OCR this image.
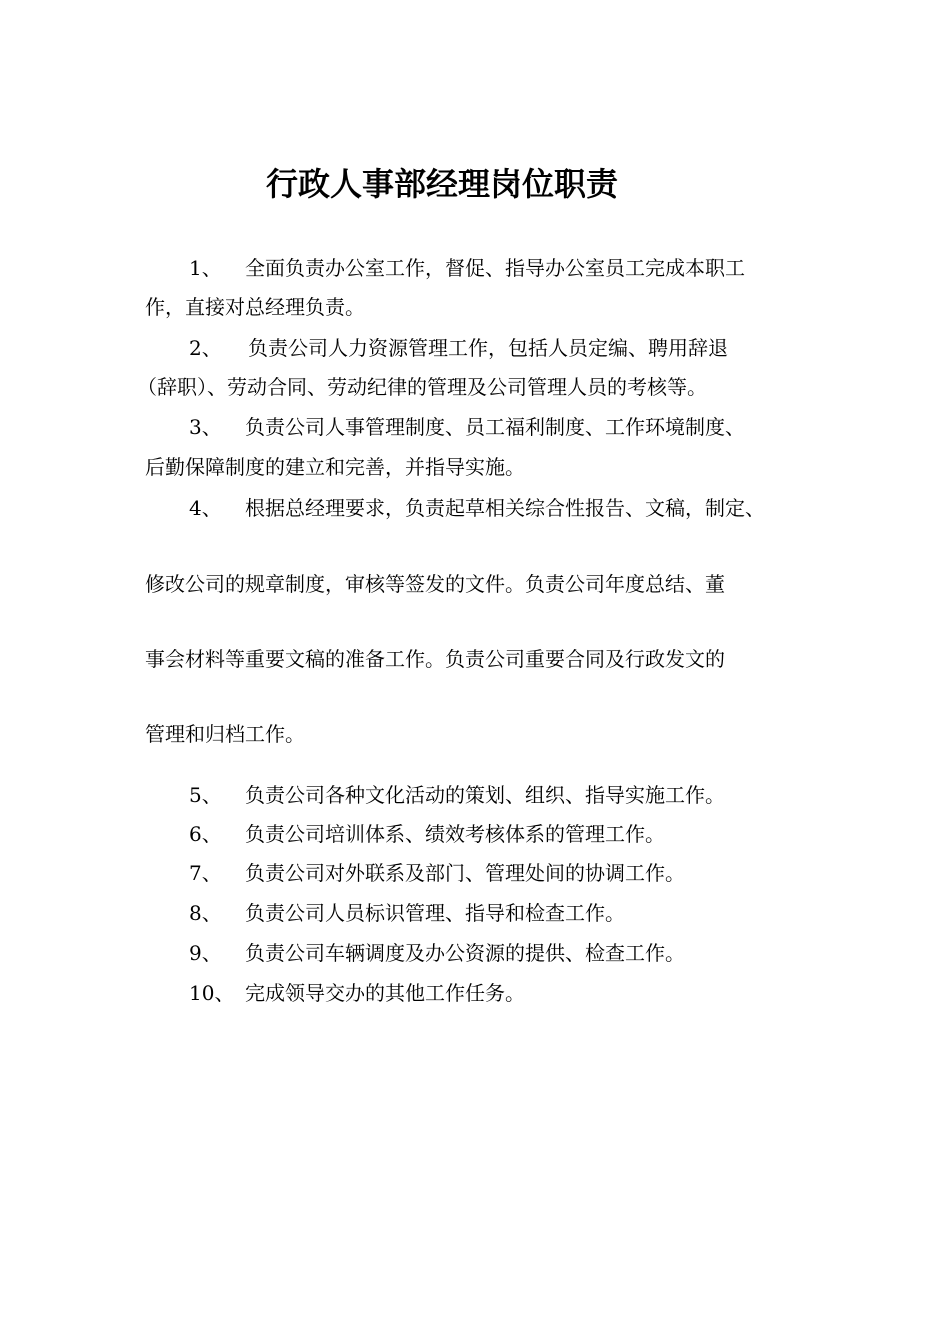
行政人事部经理岗位职责
1、 全面负责办公室工作，督促、指导办公室员工完成本职工
作，直接对总经理负责。
2、 负责公司人力资源管理工作，包括人员定编、聘用辞退
（辞职）、劳动合同、劳动纪律的管理及公司管理人员的考核等。
3、 负责公司人事管理制度、员工福利制度、工作环境制度、
后勤保障制度的建立和完善，并指导实施。
4、 根据总经理要求，负责起草相关综合性报告、文稿，制定、
修改公司的规章制度，审核等签发的文件。负责公司年度总结、董
事会材料等重要文稿的准备工作。负责公司重要合同及行政发文的
管理和归档工作。
5、 负责公司各种文化活动的策划、组织、指导实施工作。
6、 负责公司培训体系、绩效考核体系的管理工作。
7、 负责公司对外联系及部门、管理处间的协调工作。
8、 负责公司人员标识管理、指导和检查工作。
9、 负责公司车辆调度及办公资源的提供、检查工作。
10、 完成领导交办的其他工作任务。
